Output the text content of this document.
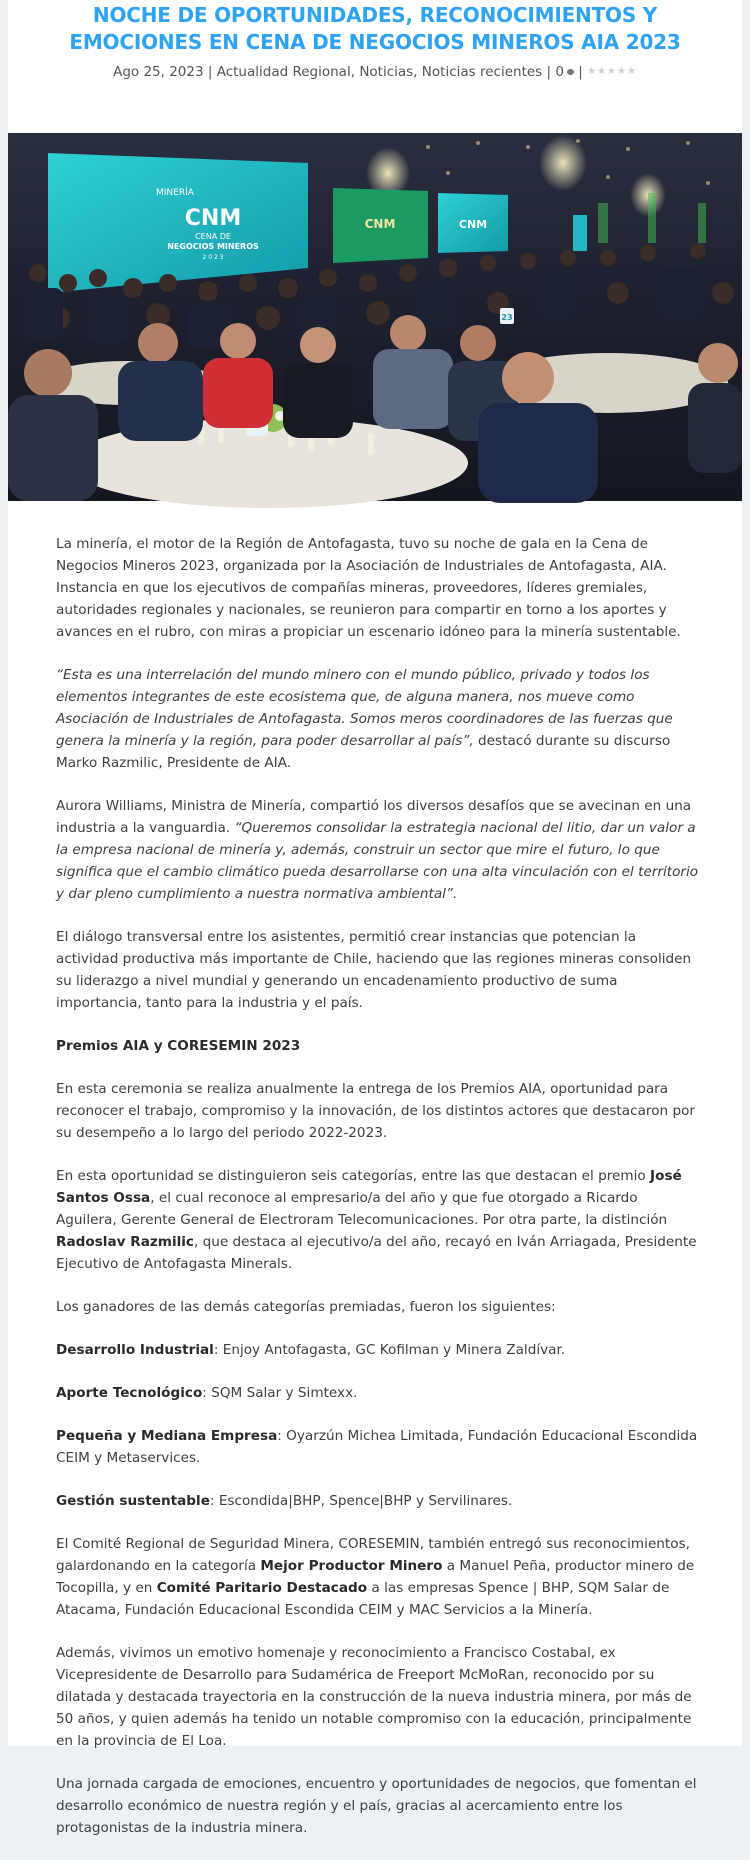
NOCHE DE OPORTUNIDADES, RECONOCIMIENTOS Y EMOCIONES EN CENA DE NEGOCIOS MINEROS AIA 2023
Ago 25, 2023 | Actualidad Regional, Noticias, Noticias recientes | 0 | ★★★★★
MINERÍA
CNM
CENA DE
NEGOCIOS MINEROS
2 0 2 3
CNM	CNM
23

La minería, el motor de la Región de Antofagasta, tuvo su noche de gala en la Cena de Negocios Mineros 2023, organizada por la Asociación de Industriales de Antofagasta, AIA. Instancia en que los ejecutivos de compañías mineras, proveedores, líderes gremiales, autoridades regionales y nacionales, se reunieron para compartir en torno a los aportes y avances en el rubro, con miras a propiciar un escenario idóneo para la minería sustentable.

“Esta es una interrelación del mundo minero con el mundo público, privado y todos los elementos integrantes de este ecosistema que, de alguna manera, nos mueve como Asociación de Industriales de Antofagasta. Somos meros coordinadores de las fuerzas que genera la minería y la región, para poder desarrollar al país”, destacó durante su discurso Marko Razmilic, Presidente de AIA.

Aurora Williams, Ministra de Minería, compartió los diversos desafíos que se avecinan en una industria a la vanguardia. “Queremos consolidar la estrategia nacional del litio, dar un valor a la empresa nacional de minería y, además, construir un sector que mire el futuro, lo que significa que el cambio climático pueda desarrollarse con una alta vinculación con el territorio y dar pleno cumplimiento a nuestra normativa ambiental”.

El diálogo transversal entre los asistentes, permitió crear instancias que potencian la actividad productiva más importante de Chile, haciendo que las regiones mineras consoliden su liderazgo a nivel mundial y generando un encadenamiento productivo de suma importancia, tanto para la industria y el país.

Premios AIA y CORESEMIN 2023

En esta ceremonia se realiza anualmente la entrega de los Premios AIA, oportunidad para reconocer el trabajo, compromiso y la innovación, de los distintos actores que destacaron por su desempeño a lo largo del periodo 2022-2023.

En esta oportunidad se distinguieron seis categorías, entre las que destacan el premio José Santos Ossa, el cual reconoce al empresario/a del año y que fue otorgado a Ricardo Aguilera, Gerente General de Electroram Telecomunicaciones. Por otra parte, la distinción Radoslav Razmilic, que destaca al ejecutivo/a del año, recayó en Iván Arriagada, Presidente Ejecutivo de Antofagasta Minerals.

Los ganadores de las demás categorías premiadas, fueron los siguientes:

Desarrollo Industrial: Enjoy Antofagasta, GC Kofilman y Minera Zaldívar.

Aporte Tecnológico: SQM Salar y Simtexx.

Pequeña y Mediana Empresa: Oyarzún Michea Limitada, Fundación Educacional Escondida CEIM y Metaservices.

Gestión sustentable: Escondida|BHP, Spence|BHP y Servilinares.

El Comité Regional de Seguridad Minera, CORESEMIN, también entregó sus reconocimientos, galardonando en la categoría Mejor Productor Minero a Manuel Peña, productor minero de Tocopilla, y en Comité Paritario Destacado a las empresas Spence | BHP, SQM Salar de Atacama, Fundación Educacional Escondida CEIM y MAC Servicios a la Minería.

Además, vivimos un emotivo homenaje y reconocimiento a Francisco Costabal, ex Vicepresidente de Desarrollo para Sudamérica de Freeport McMoRan, reconocido por su dilatada y destacada trayectoria en la construcción de la nueva industria minera, por más de 50 años, y quien además ha tenido un notable compromiso con la educación, principalmente en la provincia de El Loa.

Una jornada cargada de emociones, encuentro y oportunidades de negocios, que fomentan el desarrollo económico de nuestra región y el país, gracias al acercamiento entre los protagonistas de la industria minera.
